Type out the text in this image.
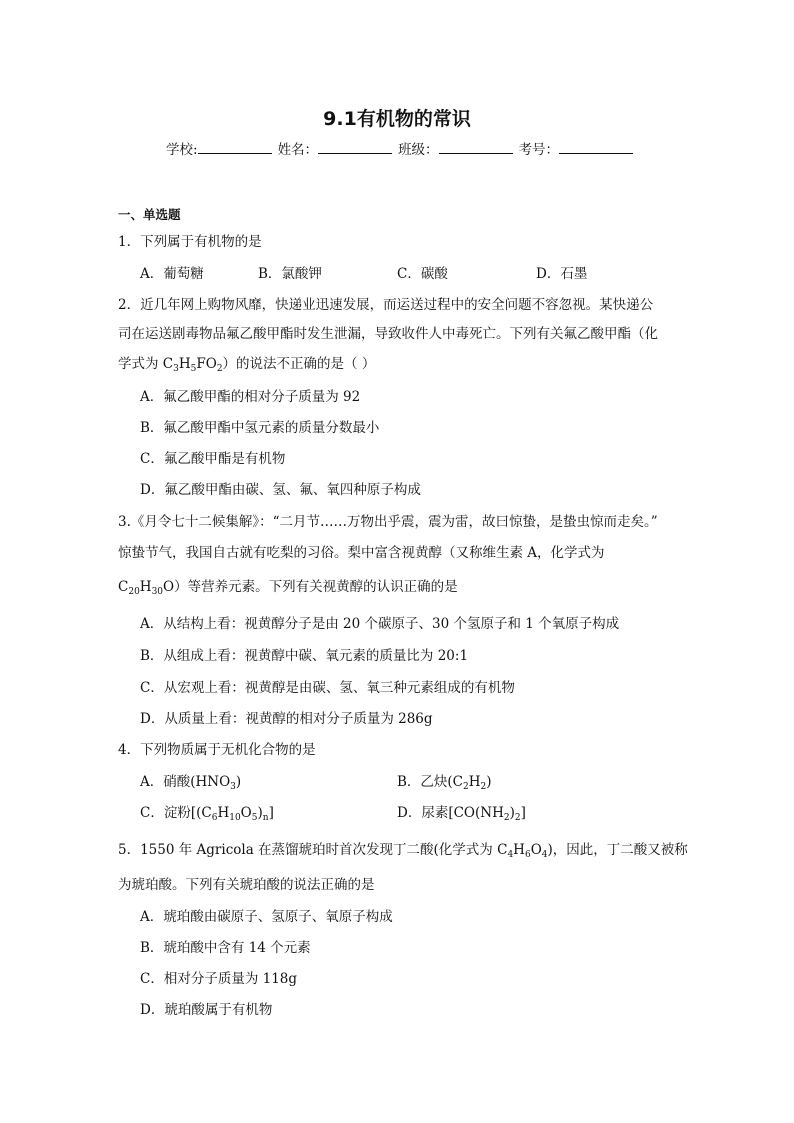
9.1有机物的常识
学校:	姓名：	班级：	考号：
一、单选题
1．下列属于有机物的是
A．葡萄糖	B．氯酸钾	C．碳酸	D．石墨
2．近几年网上购物风靡，快递业迅速发展，而运送过程中的安全问题不容忽视。某快递公
司在运送剧毒物品氟乙酸甲酯时发生泄漏，导致收件人中毒死亡。下列有关氟乙酸甲酯（化
学式为 $C_3H_5FO_2$）的说法不正确的是（ ）
A．氟乙酸甲酯的相对分子质量为 92
B．氟乙酸甲酯中氢元素的质量分数最小
C．氟乙酸甲酯是有机物
D．氟乙酸甲酯由碳、氢、氟、氧四种原子构成
3.《月令七十二候集解》：“二月节……万物出乎震，震为雷，故曰惊蛰，是蛰虫惊而走矣。”
惊蛰节气，我国自古就有吃梨的习俗。梨中富含视黄醇（又称维生素 A，化学式为
$C_{20}H_{30}O$）等营养元素。下列有关视黄醇的认识正确的是
A．从结构上看：视黄醇分子是由 20 个碳原子、30 个氢原子和 1 个氧原子构成
B．从组成上看：视黄醇中碳、氧元素的质量比为 20:1
C．从宏观上看：视黄醇是由碳、氢、氧三种元素组成的有机物
D．从质量上看：视黄醇的相对分子质量为 286g
4．下列物质属于无机化合物的是
A．硝酸$(HNO_3)$	B．乙炔$(C_2H_2)$
C．淀粉$[(C_6H_{10}O_5)_n]$	D．尿素$[CO(NH_2)_2]$
5．1550 年 Agricola 在蒸馏琥珀时首次发现丁二酸(化学式为 $C_4H_6O_4$)，因此，丁二酸又被称
为琥珀酸。下列有关琥珀酸的说法正确的是
A．琥珀酸由碳原子、氢原子、氧原子构成
B．琥珀酸中含有 14 个元素
C．相对分子质量为 118g
D．琥珀酸属于有机物
